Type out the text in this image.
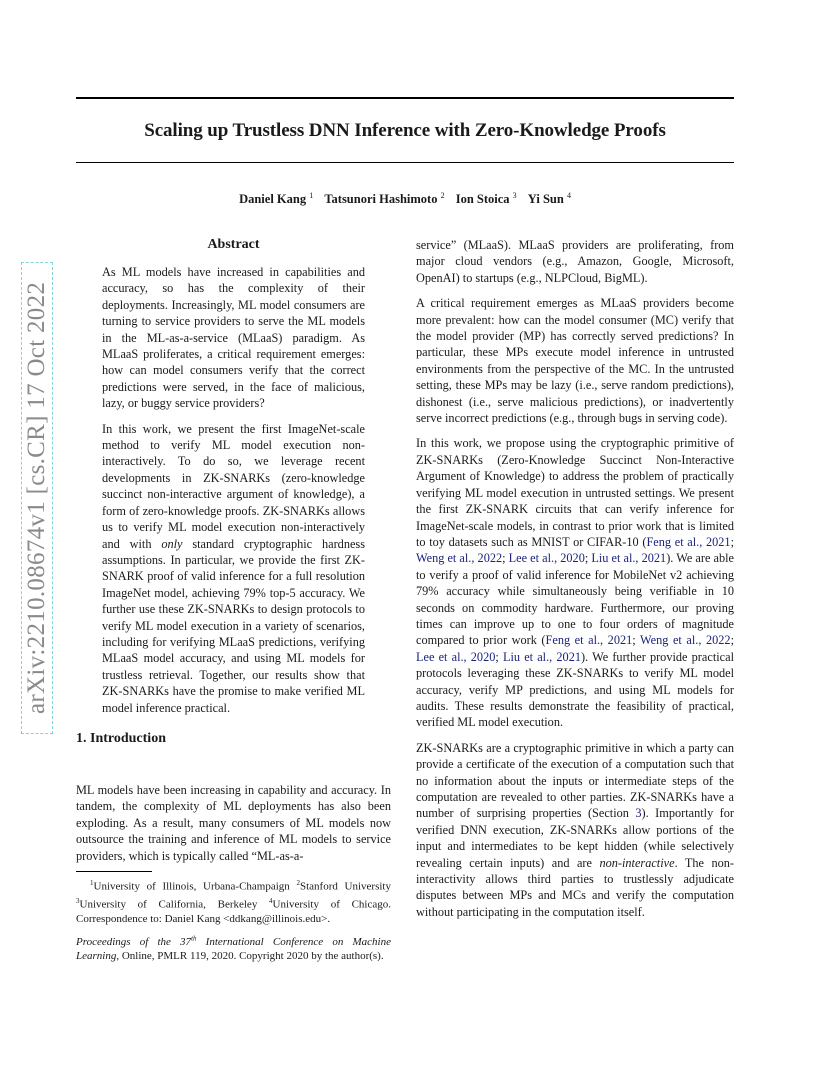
Scaling up Trustless DNN Inference with Zero-Knowledge Proofs
Daniel Kang $^1$ Tatsunori Hashimoto $^2$ Ion Stoica $^3$ Yi Sun $^4$
arXiv:2210.08674v1 [cs.CR] 17 Oct 2022
Abstract

As ML models have increased in capabilities and accuracy, so has the complexity of their deployments. Increasingly, ML model consumers are turning to service providers to serve the ML models in the ML-as-a-service (MLaaS) paradigm. As MLaaS proliferates, a critical requirement emerges: how can model consumers verify that the correct predictions were served, in the face of malicious, lazy, or buggy service providers?

In this work, we present the first ImageNet-scale method to verify ML model execution non-interactively. To do so, we leverage recent developments in ZK-SNARKs (zero-knowledge succinct non-interactive argument of knowledge), a form of zero-knowledge proofs. ZK-SNARKs allows us to verify ML model execution non-interactively and with only standard cryptographic hardness assumptions. In particular, we provide the first ZK-SNARK proof of valid inference for a full resolution ImageNet model, achieving 79% top-5 accuracy. We further use these ZK-SNARKs to design protocols to verify ML model execution in a variety of scenarios, including for verifying MLaaS predictions, verifying MLaaS model accuracy, and using ML models for trustless retrieval. Together, our results show that ZK-SNARKs have the promise to make verified ML model inference practical.

1. Introduction

ML models have been increasing in capability and accuracy. In tandem, the complexity of ML deployments has also been exploding. As a result, many consumers of ML models now outsource the training and inference of ML models to service providers, which is typically called “ML-as-a-

$^1$University of Illinois, Urbana-Champaign $^2$Stanford University $^3$University of California, Berkeley $^4$University of Chicago. Correspondence to: Daniel Kang <ddkang@illinois.edu>.
Proceedings of the 37th International Conference on Machine Learning, Online, PMLR 119, 2020. Copyright 2020 by the author(s).

service” (MLaaS). MLaaS providers are proliferating, from major cloud vendors (e.g., Amazon, Google, Microsoft, OpenAI) to startups (e.g., NLPCloud, BigML).

A critical requirement emerges as MLaaS providers become more prevalent: how can the model consumer (MC) verify that the model provider (MP) has correctly served predictions? In particular, these MPs execute model inference in untrusted environments from the perspective of the MC. In the untrusted setting, these MPs may be lazy (i.e., serve random predictions), dishonest (i.e., serve malicious predictions), or inadvertently serve incorrect predictions (e.g., through bugs in serving code).

In this work, we propose using the cryptographic primitive of ZK-SNARKs (Zero-Knowledge Succinct Non-Interactive Argument of Knowledge) to address the problem of practically verifying ML model execution in untrusted settings. We present the first ZK-SNARK circuits that can verify inference for ImageNet-scale models, in contrast to prior work that is limited to toy datasets such as MNIST or CIFAR-10 (Feng et al., 2021; Weng et al., 2022; Lee et al., 2020; Liu et al., 2021). We are able to verify a proof of valid inference for MobileNet v2 achieving 79% accuracy while simultaneously being verifiable in 10 seconds on commodity hardware. Furthermore, our proving times can improve up to one to four orders of magnitude compared to prior work (Feng et al., 2021; Weng et al., 2022; Lee et al., 2020; Liu et al., 2021). We further provide practical protocols leveraging these ZK-SNARKs to verify ML model accuracy, verify MP predictions, and using ML models for audits. These results demonstrate the feasibility of practical, verified ML model execution.

ZK-SNARKs are a cryptographic primitive in which a party can provide a certificate of the execution of a computation such that no information about the inputs or intermediate steps of the computation are revealed to other parties. ZK-SNARKs have a number of surprising properties (Section 3). Importantly for verified DNN execution, ZK-SNARKs allow portions of the input and intermediates to be kept hidden (while selectively revealing certain inputs) and are non-interactive. The non-interactivity allows third parties to trustlessly adjudicate disputes between MPs and MCs and verify the computation without participating in the computation itself.
